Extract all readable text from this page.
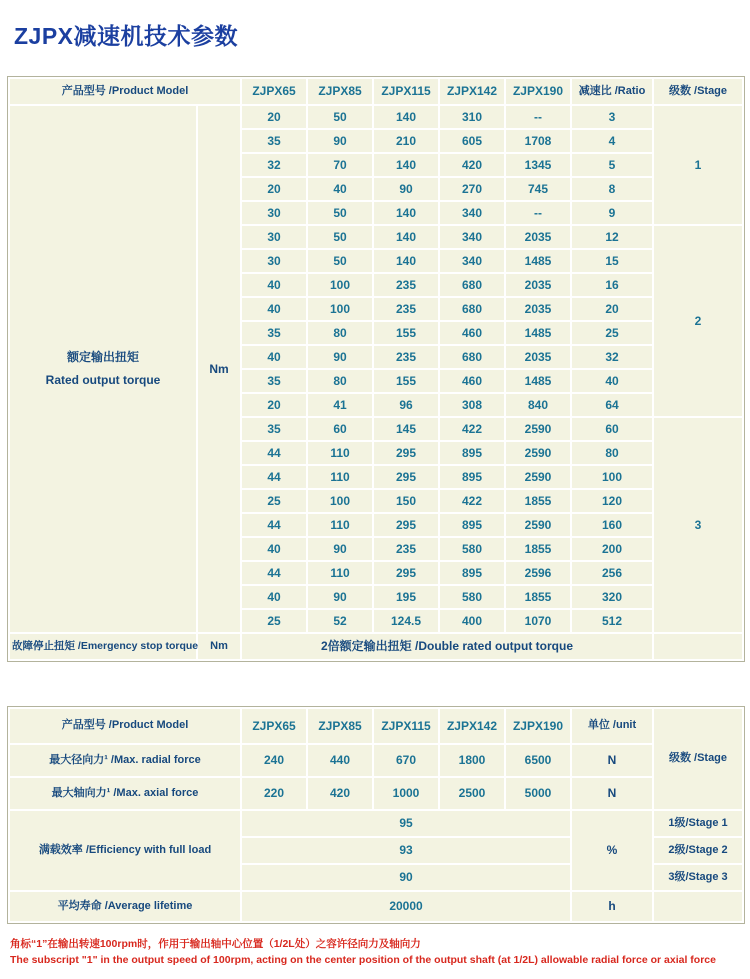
ZJPX减速机技术参数
产品型号 /Product Model		ZJPX65	ZJPX85	ZJPX115	ZJPX142	ZJPX190	减速比 /Ratio	级数 /Stage

额定输出扭矩
Rated output torque	Nm	20	50	140	310	--	3	1
		35	90	210	605	1708	4	
		32	70	140	420	1345	5	
		20	40	90	270	745	8	
		30	50	140	340	--	9	
		30	50	140	340	2035	12	2
		30	50	140	340	1485	15	
		40	100	235	680	2035	16	
		40	100	235	680	2035	20	
		35	80	155	460	1485	25	
		40	90	235	680	2035	32	
		35	80	155	460	1485	40	
		20	41	96	308	840	64	
		35	60	145	422	2590	60	3
		44	110	295	895	2590	80	
		44	110	295	895	2590	100	
		25	100	150	422	1855	120	
		44	110	295	895	2590	160	
		40	90	235	580	1855	200	
		44	110	295	895	2596	256	
		40	90	195	580	1855	320	
		25	52	124.5	400	1070	512	
故障停止扭矩 /Emergency stop torque	Nm	2倍额定输出扭矩 /Double rated output torque						
产品型号 /Product Model	ZJPX65	ZJPX85	ZJPX115	ZJPX142	ZJPX190	单位 /unit	级数 /Stage
最大径向力¹ /Max. radial force	240	440	670	1800	6500	N	
最大轴向力¹ /Max. axial force	220	420	1000	2500	5000	N	
满载效率 /Efficiency with full load	95					%	1级/Stage 1
	93						2级/Stage 2
	90						3级/Stage 3
平均寿命 /Average lifetime	20000					h	
角标“1”在输出转速100rpm时，作用于输出轴中心位置（1/2L处）之容许径向力及轴向力
The subscript "1" in the output speed of 100rpm, acting on the center position of the output shaft (at 1/2L) allowable radial force or axial force
